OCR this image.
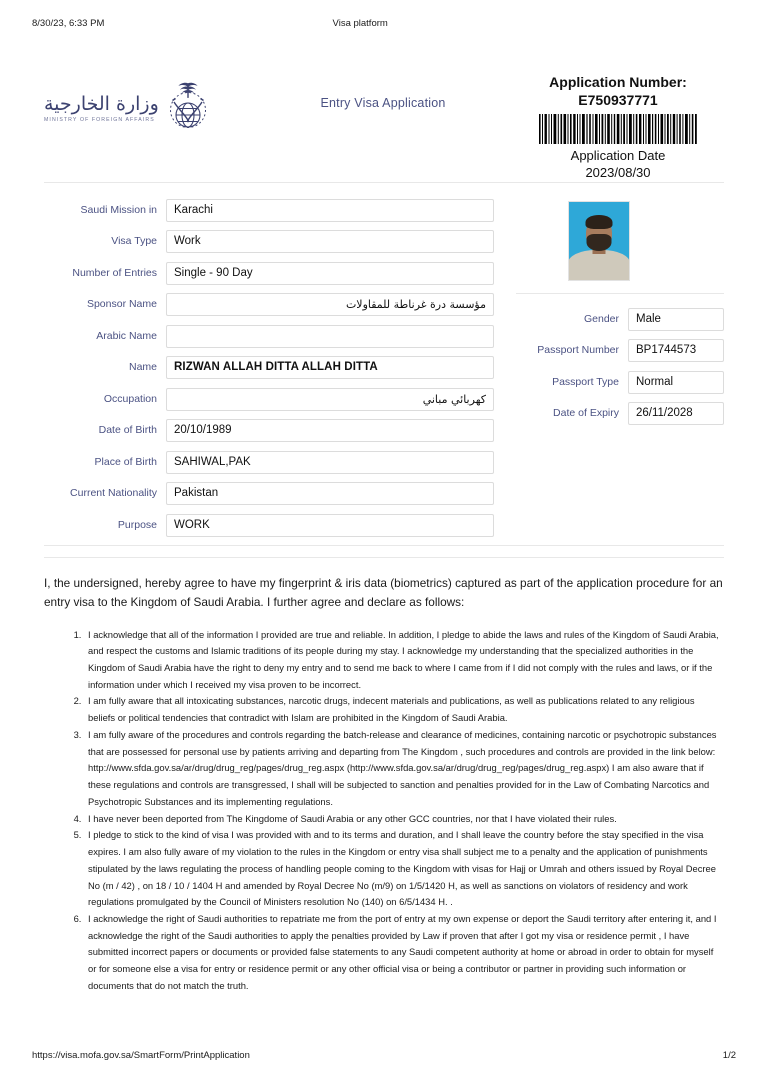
8/30/23, 6:33 PM	Visa platform
وزارة الخارجية
MINISTRY OF FOREIGN AFFAIRS
Entry Visa Application
Application Number:
E750937771
Application Date
2023/08/30
Saudi Mission in	Karachi
Visa Type	Work
Number of Entries	Single - 90 Day
Sponsor Name	مؤسسة درة غرناطة للمقاولات
Arabic Name
Name	RIZWAN ALLAH DITTA ALLAH DITTA
Occupation	كهربائي مباني
Date of Birth	20/10/1989
Place of Birth	SAHIWAL,PAK
Current Nationality	Pakistan
Purpose	WORK
Gender	Male
Passport Number	BP1744573
Passport Type	Normal
Date of Expiry	26/11/2028
I, the undersigned, hereby agree to have my fingerprint & iris data (biometrics) captured as part of the application procedure for an entry visa to the Kingdom of Saudi Arabia. I further agree and declare as follows:
1. I acknowledge that all of the information I provided are true and reliable. In addition, I pledge to abide the laws and rules of the Kingdom of Saudi Arabia, and respect the customs and Islamic traditions of its people during my stay. I acknowledge my understanding that the specialized authorities in the Kingdom of Saudi Arabia have the right to deny my entry and to send me back to where I came from if I did not comply with the rules and laws, or if the information under which I received my visa proven to be incorrect.
2. I am fully aware that all intoxicating substances, narcotic drugs, indecent materials and publications, as well as publications related to any religious beliefs or political tendencies that contradict with Islam are prohibited in the Kingdom of Saudi Arabia.
3. I am fully aware of the procedures and controls regarding the batch-release and clearance of medicines, containing narcotic or psychotropic substances that are possessed for personal use by patients arriving and departing from The Kingdom , such procedures and controls are provided in the link below:
http://www.sfda.gov.sa/ar/drug/drug_reg/pages/drug_reg.aspx (http://www.sfda.gov.sa/ar/drug/drug_reg/pages/drug_reg.aspx) I am also aware that if these regulations and controls are transgressed, I shall will be subjected to sanction and penalties provided for in the Law of Combating Narcotics and Psychotropic Substances and its implementing regulations.
4. I have never been deported from The Kingdome of Saudi Arabia or any other GCC countries, nor that I have violated their rules.
5. I pledge to stick to the kind of visa I was provided with and to its terms and duration, and I shall leave the country before the stay specified in the visa expires. I am also fully aware of my violation to the rules in the Kingdom or entry visa shall subject me to a penalty and the application of punishments stipulated by the laws regulating the process of handling people coming to the Kingdom with visas for Hajj or Umrah and others issued by Royal Decree No (m / 42) , on 18 / 10 / 1404 H and amended by Royal Decree No (m/9) on 1/5/1420 H, as well as sanctions on violators of residency and work regulations promulgated by the Council of Ministers resolution No (140) on 6/5/1434 H. .
6. I acknowledge the right of Saudi authorities to repatriate me from the port of entry at my own expense or deport the Saudi territory after entering it, and I acknowledge the right of the Saudi authorities to apply the penalties provided by Law if proven that after I got my visa or residence permit , I have submitted incorrect papers or documents or provided false statements to any Saudi competent authority at home or abroad in order to obtain for myself or for someone else a visa for entry or residence permit or any other official visa or being a contributor or partner in providing such information or documents that do not match the truth.
https://visa.mofa.gov.sa/SmartForm/PrintApplication	1/2
